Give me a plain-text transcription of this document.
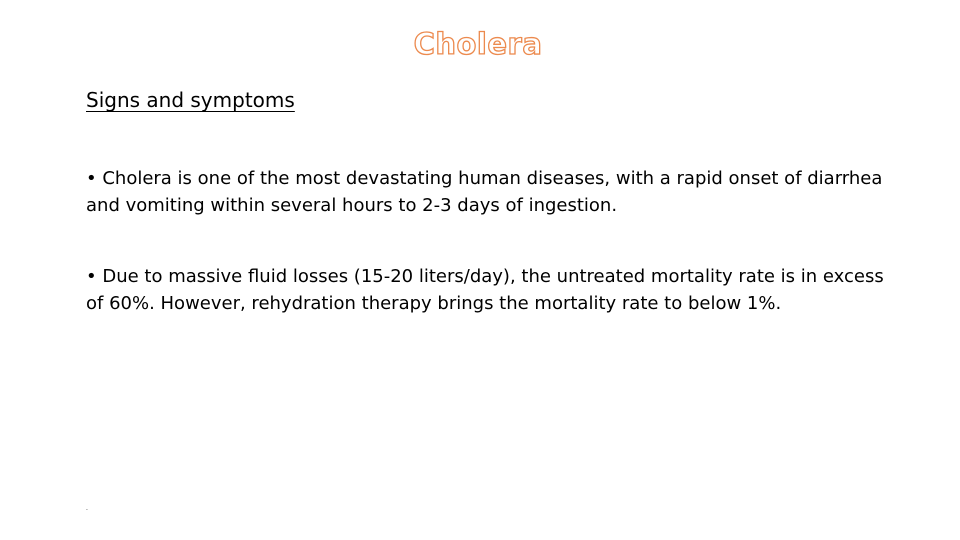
Cholera
Signs and symptoms
• Cholera is one of the most devastating human diseases, with a rapid onset of diarrhea and vomiting within several hours to 2-3 days of ingestion.
• Due to massive fluid losses (15-20 liters/day), the untreated mortality rate is in excess of 60%. However, rehydration therapy brings the mortality rate to below 1%.
.
